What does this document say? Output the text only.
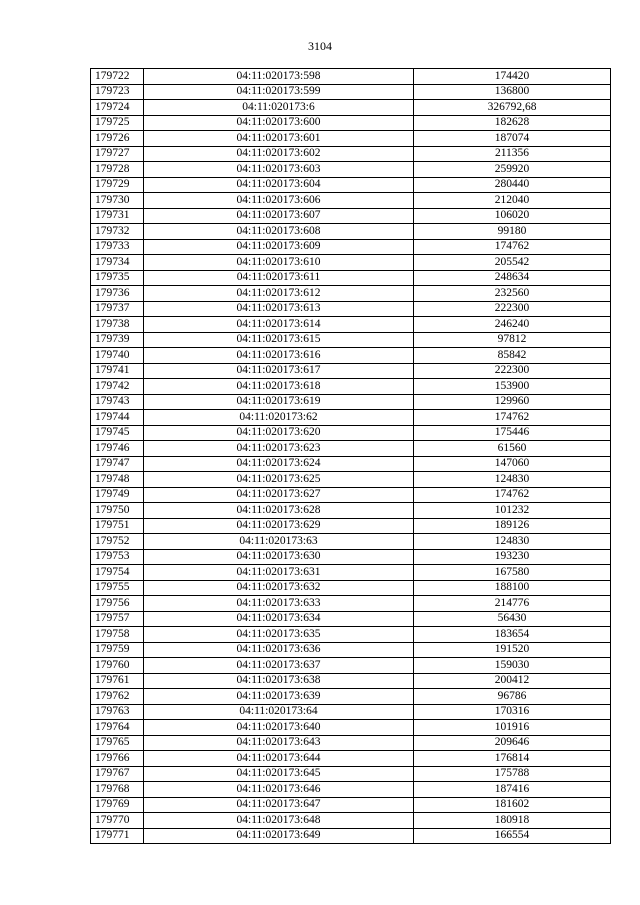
3104
179722	04:11:020173:598	174420
179723	04:11:020173:599	136800
179724	04:11:020173:6	326792,68
179725	04:11:020173:600	182628
179726	04:11:020173:601	187074
179727	04:11:020173:602	211356
179728	04:11:020173:603	259920
179729	04:11:020173:604	280440
179730	04:11:020173:606	212040
179731	04:11:020173:607	106020
179732	04:11:020173:608	99180
179733	04:11:020173:609	174762
179734	04:11:020173:610	205542
179735	04:11:020173:611	248634
179736	04:11:020173:612	232560
179737	04:11:020173:613	222300
179738	04:11:020173:614	246240
179739	04:11:020173:615	97812
179740	04:11:020173:616	85842
179741	04:11:020173:617	222300
179742	04:11:020173:618	153900
179743	04:11:020173:619	129960
179744	04:11:020173:62	174762
179745	04:11:020173:620	175446
179746	04:11:020173:623	61560
179747	04:11:020173:624	147060
179748	04:11:020173:625	124830
179749	04:11:020173:627	174762
179750	04:11:020173:628	101232
179751	04:11:020173:629	189126
179752	04:11:020173:63	124830
179753	04:11:020173:630	193230
179754	04:11:020173:631	167580
179755	04:11:020173:632	188100
179756	04:11:020173:633	214776
179757	04:11:020173:634	56430
179758	04:11:020173:635	183654
179759	04:11:020173:636	191520
179760	04:11:020173:637	159030
179761	04:11:020173:638	200412
179762	04:11:020173:639	96786
179763	04:11:020173:64	170316
179764	04:11:020173:640	101916
179765	04:11:020173:643	209646
179766	04:11:020173:644	176814
179767	04:11:020173:645	175788
179768	04:11:020173:646	187416
179769	04:11:020173:647	181602
179770	04:11:020173:648	180918
179771	04:11:020173:649	166554
